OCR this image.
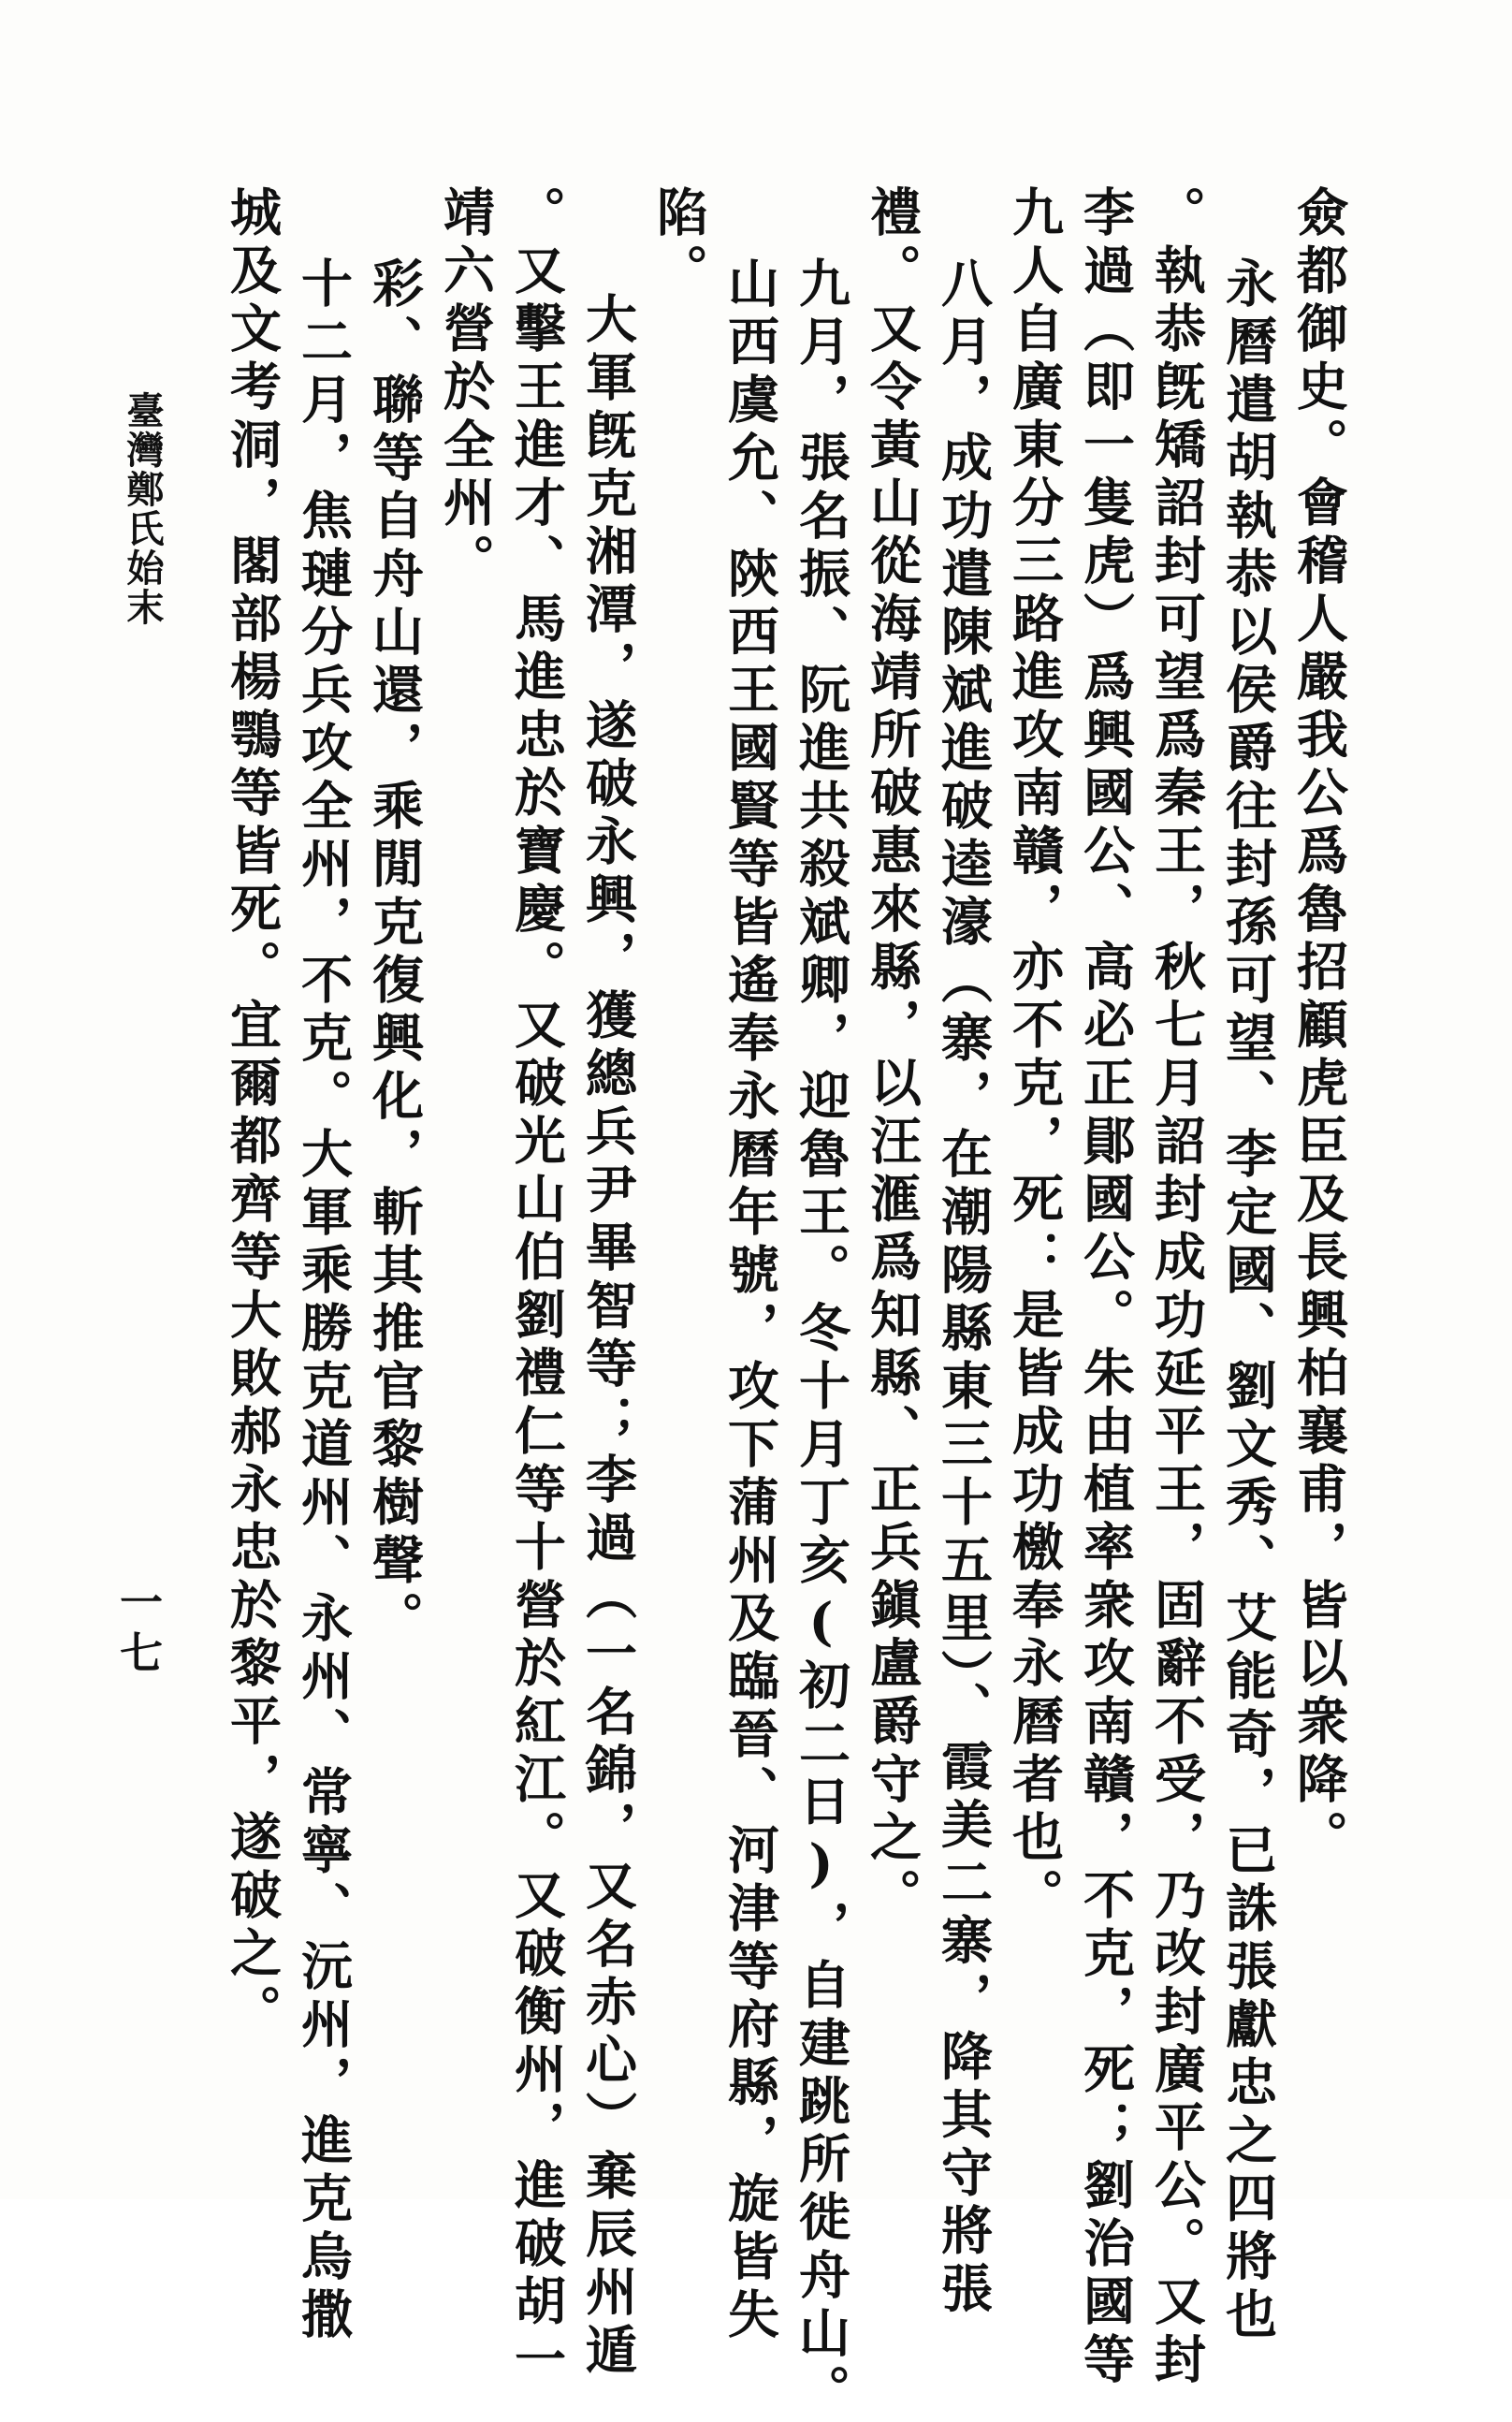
僉都御史。會稽人嚴我公爲魯招顧虎臣及長興柏襄甫，皆以衆降。
永曆遣胡執恭以侯爵往封孫可望、李定國、劉文秀、艾能奇，已誅張獻忠之四將也
。執恭旣矯詔封可望爲秦王，秋七月詔封成功延平王，固辭不受，乃改封廣平公。又封
李過（即一隻虎）爲興國公、高必正鄖國公。朱由植率衆攻南贛，不克，死；劉治國等
九人自廣東分三路進攻南贛，亦不克，死：是皆成功檄奉永曆者也。
八月，成功遣陳斌進破逵濠（寨，在潮陽縣東三十五里）、霞美二寨，降其守將張
禮。又令黃山從海靖所破惠來縣，以汪滙爲知縣、正兵鎭盧爵守之。
九月，張名振、阮進共殺斌卿，迎魯王。冬十月丁亥(初二日)，自建跳所徙舟山。
山西虞允、陝西王國賢等皆遙奉永曆年號，攻下蒲州及臨晉、河津等府縣，旋皆失
陷。
大軍旣克湘潭，遂破永興，獲總兵尹畢智等；李過（一名錦，又名赤心）棄辰州遁
。又擊王進才、馬進忠於寶慶。又破光山伯劉禮仁等十營於紅江。又破衡州，進破胡一
靖六營於全州。
彩、聯等自舟山還，乘閒克復興化，斬其推官黎樹聲。
十二月，焦璉分兵攻全州，不克。大軍乘勝克道州、永州、常寧、沅州，進克烏撒
城及文考洞，閣部楊鶚等皆死。宜爾都齊等大敗郝永忠於黎平，遂破之。
臺灣鄭氏始末
一七
